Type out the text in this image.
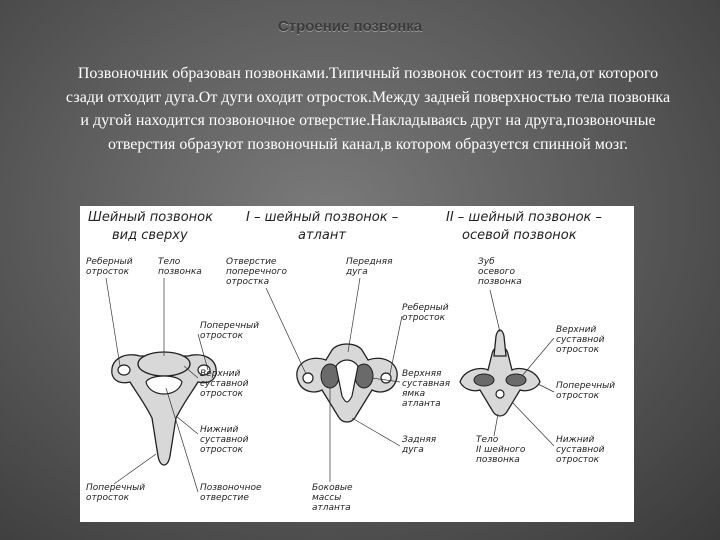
Строение позвонка
Позвоночник образован позвонками.Типичный позвонок состоит из тела,от которого сзади отходит дуга.От дуги оходит отросток.Между задней поверхностью тела позвонка и дугой находится позвоночное отверстие.Накладываясь друг на друга,позвоночные отверстия образуют позвоночный канал,в котором образуется спинной мозг.
Шейный позвонок
вид сверху
I – шейный позвонок –
атлант
II – шейный позвонок –
осевой позвонок
Реберный отросток
Тело позвонка
Поперечный отросток
Верхний суставной отросток
Нижний суставной отросток
Поперечный отросток
Позвоночное отверстие
Отверстие поперечного отростка
Передняя дуга
Реберный отросток
Верхняя суставная ямка атланта
Задняя дуга
Боковые массы атланта
Зуб осевого позвонка
Верхний суставной отросток
Поперечный отросток
Тело II шейного позвонка
Нижний суставной отросток
